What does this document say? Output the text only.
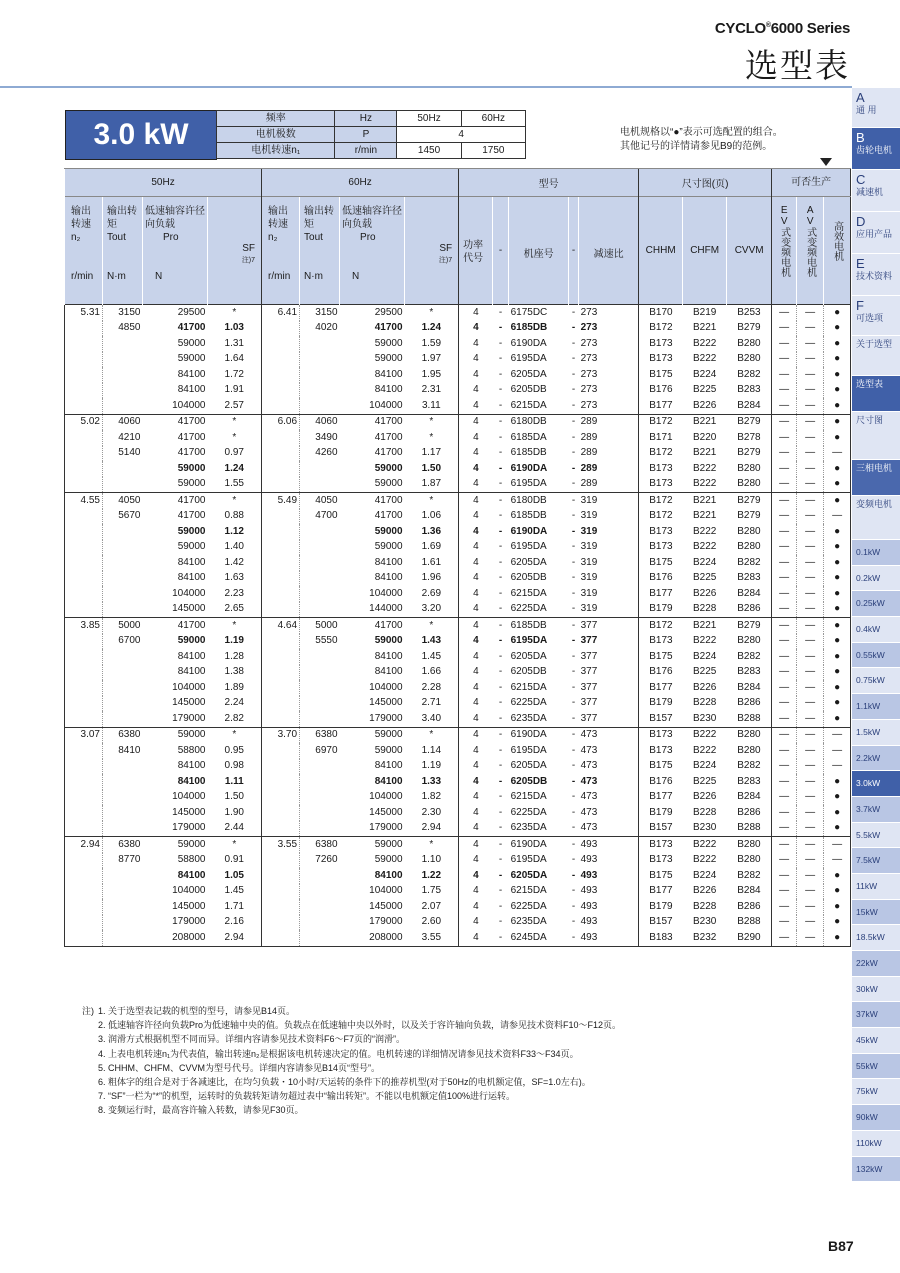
CYCLO®6000 Series
选型表
3.0 kW	频率	Hz	50Hz	60Hz
电机极数	P	4	
电机转速n₁	r/min	1450	1750
电机规格以“●”表示可选配置的组合。
其他记号的详情请参见B9的范例。
50Hz				60Hz				型号					尺寸图(页)			可否生产		
输出转速
n₂

r/min	输出转矩
Tout

N·m	低速轴容许径向负载
Pro

N	SF
注)7	输出转速
n₂

r/min	输出转矩
Tout

N·m	低速轴容许径向负载
Pro

N	SF
注)7	功率代号	-	机座号	-	减速比	CHHM	CHFM	CVVM	EV式变频电机	AV式变频电机	高效电机
5.31	3150	29500	*	6.41	3150	29500	*	4	-	6175DC	-	273	B170	B219	B253	—	—	●
	4850	41700	1.03		4020	41700	1.24	4	-	6185DB	-	273	B172	B221	B279	—	—	●
		59000	1.31			59000	1.59	4	-	6190DA	-	273	B173	B222	B280	—	—	●
		59000	1.64			59000	1.97	4	-	6195DA	-	273	B173	B222	B280	—	—	●
		84100	1.72			84100	1.95	4	-	6205DA	-	273	B175	B224	B282	—	—	●
		84100	1.91			84100	2.31	4	-	6205DB	-	273	B176	B225	B283	—	—	●
		104000	2.57			104000	3.11	4	-	6215DA	-	273	B177	B226	B284	—	—	●
5.02	4060	41700	*	6.06	4060	41700	*	4	-	6180DB	-	289	B172	B221	B279	—	—	●
	4210	41700	*		3490	41700	*	4	-	6185DA	-	289	B171	B220	B278	—	—	●
	5140	41700	0.97		4260	41700	1.17	4	-	6185DB	-	289	B172	B221	B279	—	—	—
		59000	1.24			59000	1.50	4	-	6190DA	-	289	B173	B222	B280	—	—	●
		59000	1.55			59000	1.87	4	-	6195DA	-	289	B173	B222	B280	—	—	●
4.55	4050	41700	*	5.49	4050	41700	*	4	-	6180DB	-	319	B172	B221	B279	—	—	●
	5670	41700	0.88		4700	41700	1.06	4	-	6185DB	-	319	B172	B221	B279	—	—	—
		59000	1.12			59000	1.36	4	-	6190DA	-	319	B173	B222	B280	—	—	●
		59000	1.40			59000	1.69	4	-	6195DA	-	319	B173	B222	B280	—	—	●
		84100	1.42			84100	1.61	4	-	6205DA	-	319	B175	B224	B282	—	—	●
		84100	1.63			84100	1.96	4	-	6205DB	-	319	B176	B225	B283	—	—	●
		104000	2.23			104000	2.69	4	-	6215DA	-	319	B177	B226	B284	—	—	●
		145000	2.65			144000	3.20	4	-	6225DA	-	319	B179	B228	B286	—	—	●
3.85	5000	41700	*	4.64	5000	41700	*	4	-	6185DB	-	377	B172	B221	B279	—	—	●
	6700	59000	1.19		5550	59000	1.43	4	-	6195DA	-	377	B173	B222	B280	—	—	●
		84100	1.28			84100	1.45	4	-	6205DA	-	377	B175	B224	B282	—	—	●
		84100	1.38			84100	1.66	4	-	6205DB	-	377	B176	B225	B283	—	—	●
		104000	1.89			104000	2.28	4	-	6215DA	-	377	B177	B226	B284	—	—	●
		145000	2.24			145000	2.71	4	-	6225DA	-	377	B179	B228	B286	—	—	●
		179000	2.82			179000	3.40	4	-	6235DA	-	377	B157	B230	B288	—	—	●
3.07	6380	59000	*	3.70	6380	59000	*	4	-	6190DA	-	473	B173	B222	B280	—	—	—
	8410	58800	0.95		6970	59000	1.14	4	-	6195DA	-	473	B173	B222	B280	—	—	—
		84100	0.98			84100	1.19	4	-	6205DA	-	473	B175	B224	B282	—	—	—
		84100	1.11			84100	1.33	4	-	6205DB	-	473	B176	B225	B283	—	—	●
		104000	1.50			104000	1.82	4	-	6215DA	-	473	B177	B226	B284	—	—	●
		145000	1.90			145000	2.30	4	-	6225DA	-	473	B179	B228	B286	—	—	●
		179000	2.44			179000	2.94	4	-	6235DA	-	473	B157	B230	B288	—	—	●
2.94	6380	59000	*	3.55	6380	59000	*	4	-	6190DA	-	493	B173	B222	B280	—	—	—
	8770	58800	0.91		7260	59000	1.10	4	-	6195DA	-	493	B173	B222	B280	—	—	—
		84100	1.05			84100	1.22	4	-	6205DA	-	493	B175	B224	B282	—	—	●
		104000	1.45			104000	1.75	4	-	6215DA	-	493	B177	B226	B284	—	—	●
		145000	1.71			145000	2.07	4	-	6225DA	-	493	B179	B228	B286	—	—	●
		179000	2.16			179000	2.60	4	-	6235DA	-	493	B157	B230	B288	—	—	●
		208000	2.94			208000	3.55	4	-	6245DA	-	493	B183	B232	B290	—	—	●
注) 1. 关于选型表记载的机型的型号，请参见B14页。
2. 低速轴容许径向负载Pro为低速轴中央的值。负载点在低速轴中央以外时，以及关于容许轴向负载，请参见技术资料F10～F12页。
3. 润滑方式根据机型不同而异。详细内容请参见技术资料F6～F7页的“润滑”。
4. 上表电机转速n₁为代表值，输出转速n₂是根据该电机转速决定的值。电机转速的详细情况请参见技术资料F33～F34页。
5. CHHM、CHFM、CVVM为型号代号。详细内容请参见B14页“型号”。
6. 粗体字的组合是对于各减速比，在均匀负载・10小时/天运转的条件下的推荐机型(对于50Hz的电机额定值，SF=1.0左右)。
7. “SF”一栏为“*”的机型，运转时的负载转矩请勿超过表中“输出转矩”。不能以电机额定值100%进行运转。
8. 变频运行时，最高容许输入转数，请参见F30页。
B87
A
通 用
B
齿轮电机
C
减速机
D
应用产品
E
技术资料
F
可选项
关于选型
选型表
尺寸图
三相电机
变频电机
0.1kW
0.2kW
0.25kW
0.4kW
0.55kW
0.75kW
1.1kW
1.5kW
2.2kW
3.0kW
3.7kW
5.5kW
7.5kW
11kW
15kW
18.5kW
22kW
30kW
37kW
45kW
55kW
75kW
90kW
110kW
132kW
